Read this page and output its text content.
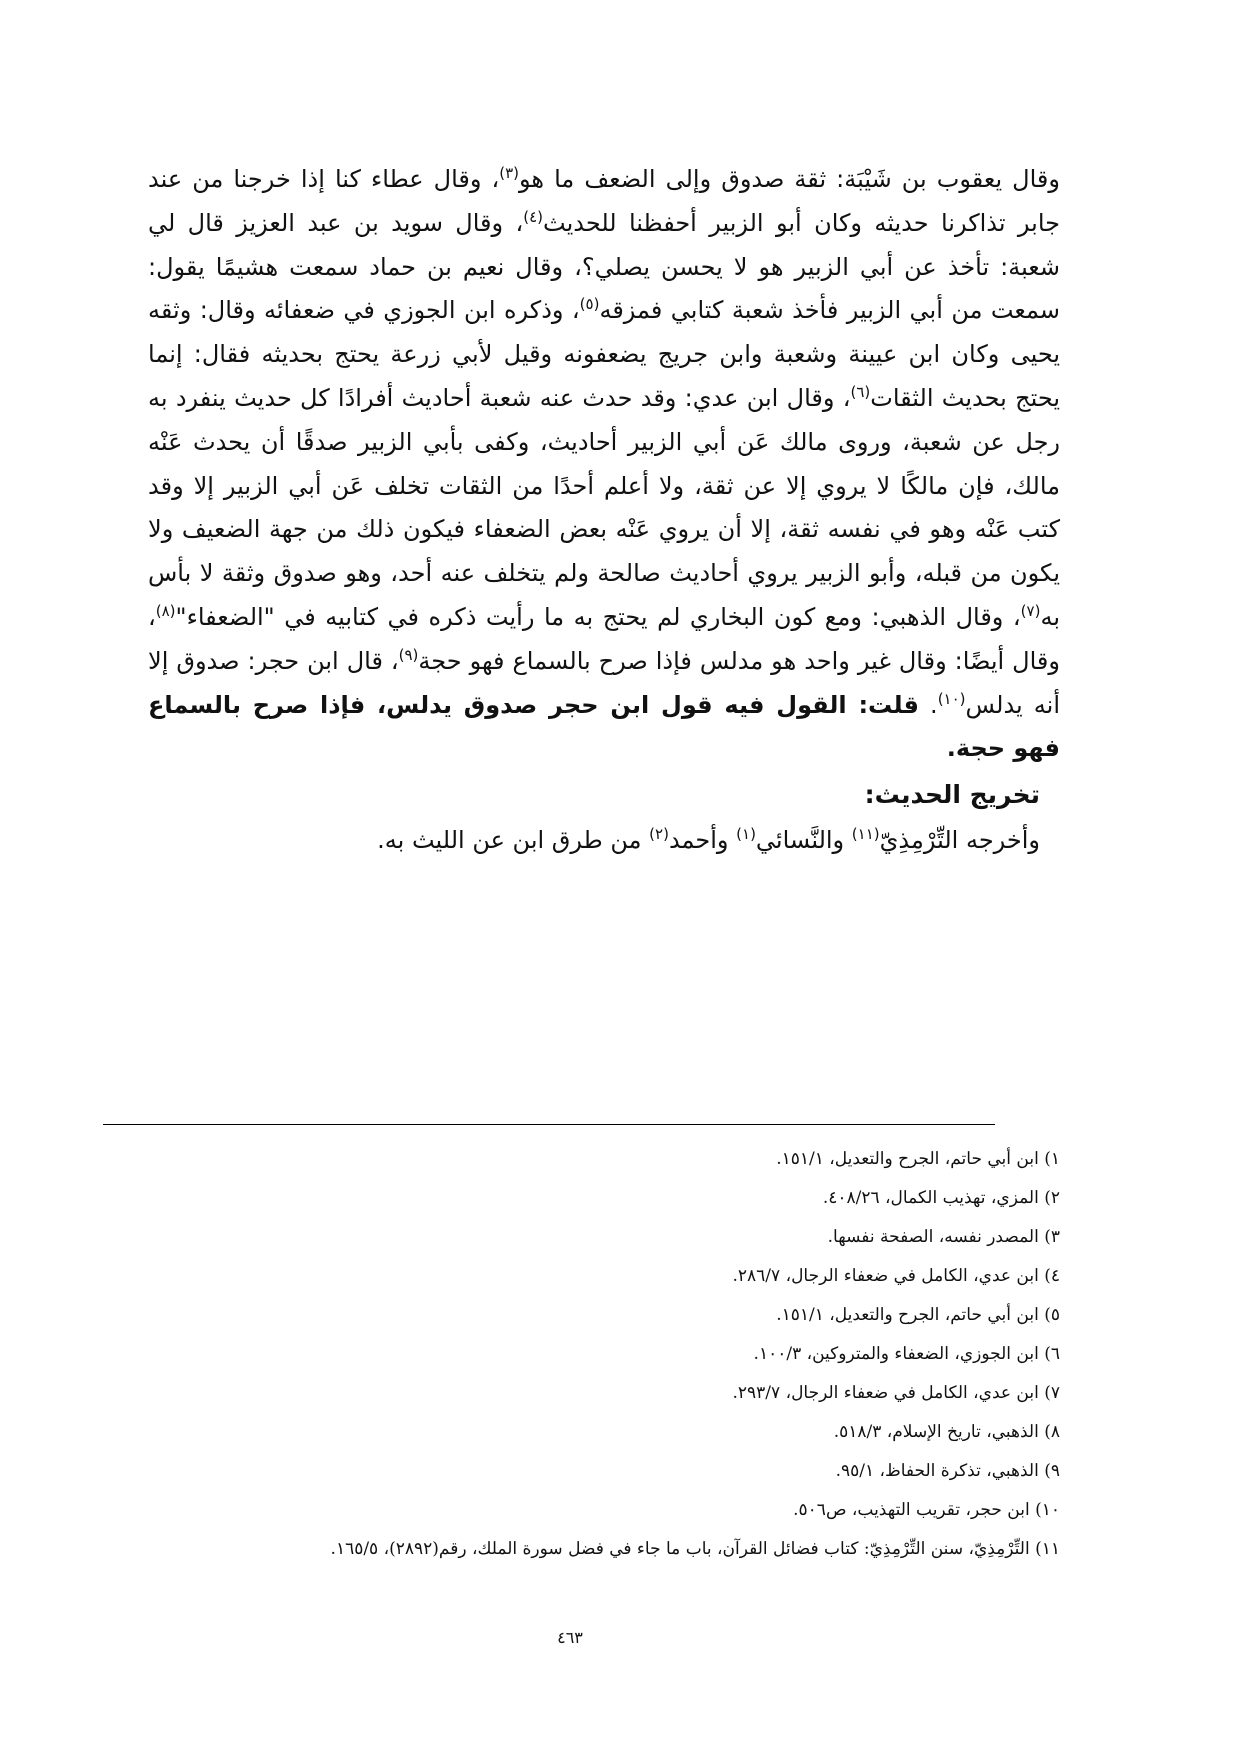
وقال يعقوب بن شَيْبَة: ثقة صدوق وإلى الضعف ما هو$^{(٣)}$، وقال عطاء كنا إذا خرجنا من عند جابر تذاكرنا حديثه وكان أبو الزبير أحفظنا للحديث$^{(٤)}$، وقال سويد بن عبد العزيز قال لي شعبة: تأخذ عن أبي الزبير هو لا يحسن يصلي؟، وقال نعيم بن حماد سمعت هشيمًا يقول: سمعت من أبي الزبير فأخذ شعبة كتابي فمزقه$^{(٥)}$، وذكره ابن الجوزي في ضعفائه وقال: وثقه يحيى وكان ابن عيينة وشعبة وابن جريج يضعفونه وقيل لأبي زرعة يحتج بحديثه فقال: إنما يحتج بحديث الثقات$^{(٦)}$، وقال ابن عدي: وقد حدث عنه شعبة أحاديث أفرادًا كل حديث ينفرد به رجل عن شعبة، وروى مالك عَن أبي الزبير أحاديث، وكفى بأبي الزبير صدقًا أن يحدث عَنْه مالك، فإن مالكًا لا يروي إلا عن ثقة، ولا أعلم أحدًا من الثقات تخلف عَن أبي الزبير إلا وقد كتب عَنْه وهو في نفسه ثقة، إلا أن يروي عَنْه بعض الضعفاء فيكون ذلك من جهة الضعيف ولا يكون من قبله، وأبو الزبير يروي أحاديث صالحة ولم يتخلف عنه أحد، وهو صدوق وثقة لا بأس به$^{(٧)}$، وقال الذهبي: ومع كون البخاري لم يحتج به ما رأيت ذكره في كتابيه في "الضعفاء"$^{(٨)}$، وقال أيضًا: وقال غير واحد هو مدلس فإذا صرح بالسماع فهو حجة$^{(٩)}$، قال ابن حجر: صدوق إلا أنه يدلس$^{(١٠)}$. قلت: القول فيه قول ابن حجر صدوق يدلس، فإذا صرح بالسماع فهو حجة.

تخريج الحديث:

وأخرجه التِّرْمِذِيّ$^{(١١)}$ والنَّسائي$^{(١)}$ وأحمد$^{(٢)}$ من طرق ابن عن الليث به.

١) ابن أبي حاتم، الجرح والتعديل، ١٥١/١.
٢) المزي، تهذيب الكمال، ٤٠٨/٢٦.
٣) المصدر نفسه، الصفحة نفسها.
٤) ابن عدي، الكامل في ضعفاء الرجال، ٢٨٦/٧.
٥) ابن أبي حاتم، الجرح والتعديل، ١٥١/١.
٦) ابن الجوزي، الضعفاء والمتروكين، ١٠٠/٣.
٧) ابن عدي، الكامل في ضعفاء الرجال، ٢٩٣/٧.
٨) الذهبي، تاريخ الإسلام، ٥١٨/٣.
٩) الذهبي، تذكرة الحفاظ، ٩٥/١.
١٠) ابن حجر، تقريب التهذيب، ص٥٠٦.
١١) التِّرْمِذِيّ، سنن التِّرْمِذِيّ: كتاب فضائل القرآن، باب ما جاء في فضل سورة الملك، رقم(٢٨٩٢)، ١٦٥/٥.
٤٦٣
